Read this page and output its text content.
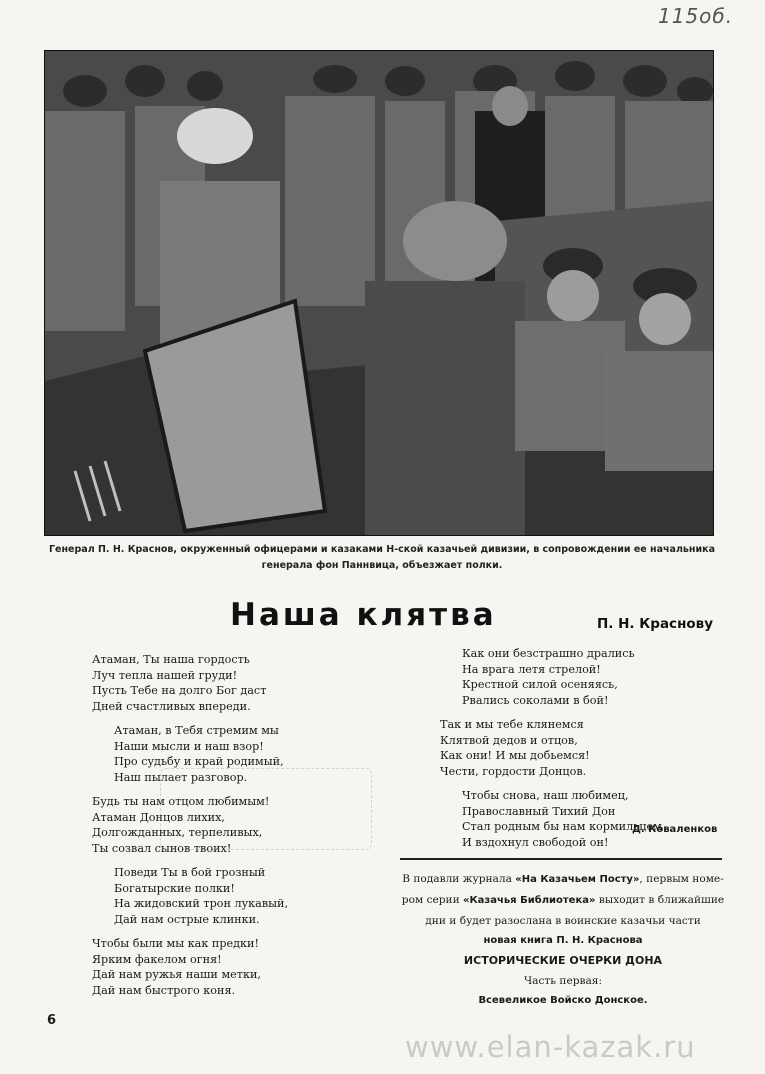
115об.
Генерал П. Н. Краснов, окруженный офицерами и казаками Н-ской казачьей дивизии, в сопровождении ее начальника
генерала фон Паннвица, объезжает полки.
Наша клятва	П. Н. Краснову
Атаман, Ты наша гордость
Луч тепла нашей груди!
Пусть Тебе на долго Бог даст
Дней счастливых впереди.
Атаман, в Тебя стремим мы
Наши мысли и наш взор!
Про судьбу и край родимый,
Наш пылает разговор.
Будь ты нам отцом любимым!
Атаман Донцов лихих,
Долгожданных, терпеливых,
Ты созвал сынов твоих!
Поведи Ты в бой грозный
Богатырские полки!
На жидовский трон лукавый,
Дай нам острые клинки.
Чтобы были мы как предки!
Ярким факелом огня!
Дай нам ружья наши метки,
Дай нам быстрого коня.
Как они безстрашно дрались
На врага летя стрелой!
Крестной силой осеняясь,
Рвались соколами в бой!
Так и мы тебе клянемся
Клятвой дедов и отцов,
Как они! И мы добьемся!
Чести, гордости Донцов.
Чтобы снова, наш любимец,
Православный Тихий Дон
Стал родным бы нам кормильцем
И вздохнул свободой он!
Д. Коваленков
В подавли журнала «На Казачьем Посту», первым номе-
ром серии «Казачья Библиотека» выходит в ближайшие
дни и будет разослана в воинские казачьи части
новая книга П. Н. Краснова
ИСТОРИЧЕСКИЕ ОЧЕРКИ ДОНА
Часть первая:
Всевеликое Войско Донское.
6
www.elan-kazak.ru
